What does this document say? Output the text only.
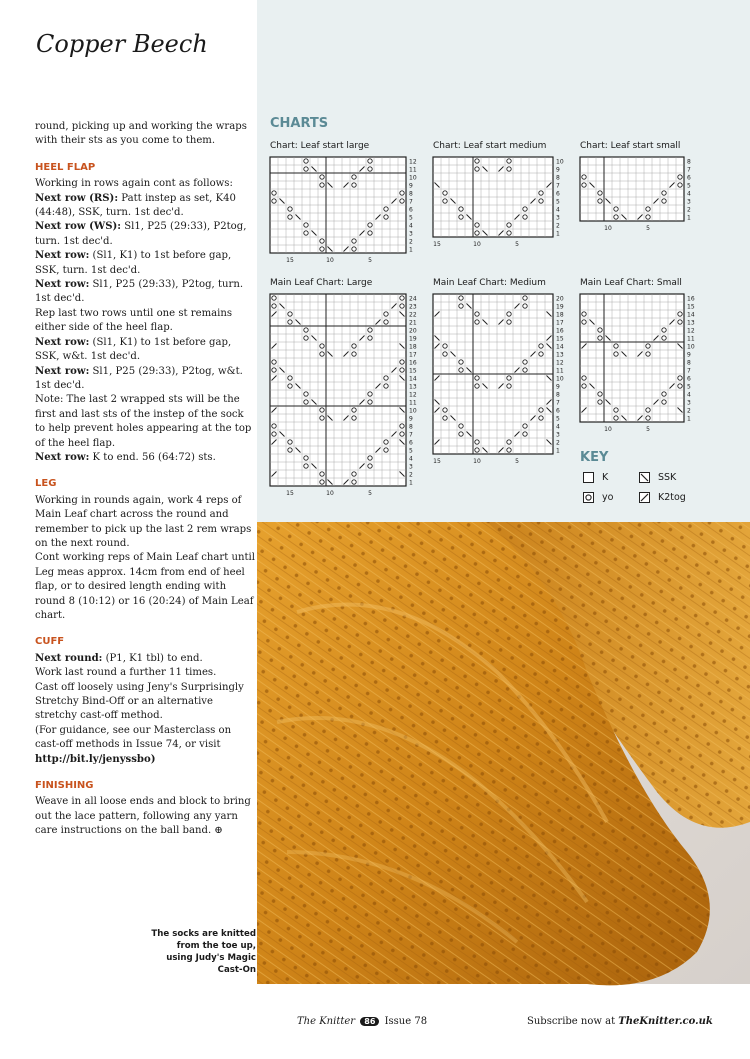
Copper Beech

round, picking up and working the wraps with their sts as you come to them.

HEEL FLAP

Working in rows again cont as follows:

Next row (RS): Patt instep as set, K40 (44:48), SSK, turn. 1st dec'd.

Next row (WS): Sl1, P25 (29:33), P2tog, turn. 1st dec'd.

Next row: (Sl1, K1) to 1st before gap, SSK, turn. 1st dec'd.

Next row: Sl1, P25 (29:33), P2tog, turn. 1st dec'd.

Rep last two rows until one st remains either side of the heel flap.

Next row: (Sl1, K1) to 1st before gap, SSK, w&t. 1st dec'd.

Next row: Sl1, P25 (29:33), P2tog, w&t. 1st dec'd.

Note: The last 2 wrapped sts will be the first and last sts of the instep of the sock to help prevent holes appearing at the top of the heel flap.

Next row: K to end. 56 (64:72) sts.

LEG

Working in rounds again, work 4 reps of Main Leaf chart across the round and remember to pick up the last 2 rem wraps on the next round.

Cont working reps of Main Leaf chart until Leg meas approx. 14cm from end of heel flap, or to desired length ending with round 8 (10:12) or 16 (20:24) of Main Leaf chart.

CUFF

Next round: (P1, K1 tbl) to end.

Work last round a further 11 times.

Cast off loosely using Jeny's Surprisingly Stretchy Bind-Off or an alternative stretchy cast-off method.

(For guidance, see our Masterclass on cast-off methods in Issue 74, or visit

http://bit.ly/jenyssbo)

FINISHING

Weave in all loose ends and block to bring out the lace pattern, following any yarn care instructions on the ball band. ⊕

The socks are knitted from the toe up, using Judy's Magic Cast-On
CHARTS
Chart: Leaf start large	Chart: Leaf start medium	Chart: Leaf start small
Main Leaf Chart: Large	Main Leaf Chart: Medium	Main Leaf Chart: Small
12
11
10
9
8
7
6
5
4
3
2
1
15	10	5
10
9
8
7
6
5
4
3
2
1
15	10	5
8
7
6
5
4
3
2
1
10	5
24
23
22
21
20
19
18
17
16
15
14
13
12
11
10
9
8
7
6
5
4
3
2
1
15	10	5
20
19
18
17
16
15
14
13
12
11
10
9
8
7
6
5
4
3
2
1
15	10	5
16
15
14
13
12
11
10
9
8
7
6
5
4
3
2
1
10	5
KEY
K	SSK
yo	K2tog
The Knitter 86 Issue 78	Subscribe now at TheKnitter.co.uk
